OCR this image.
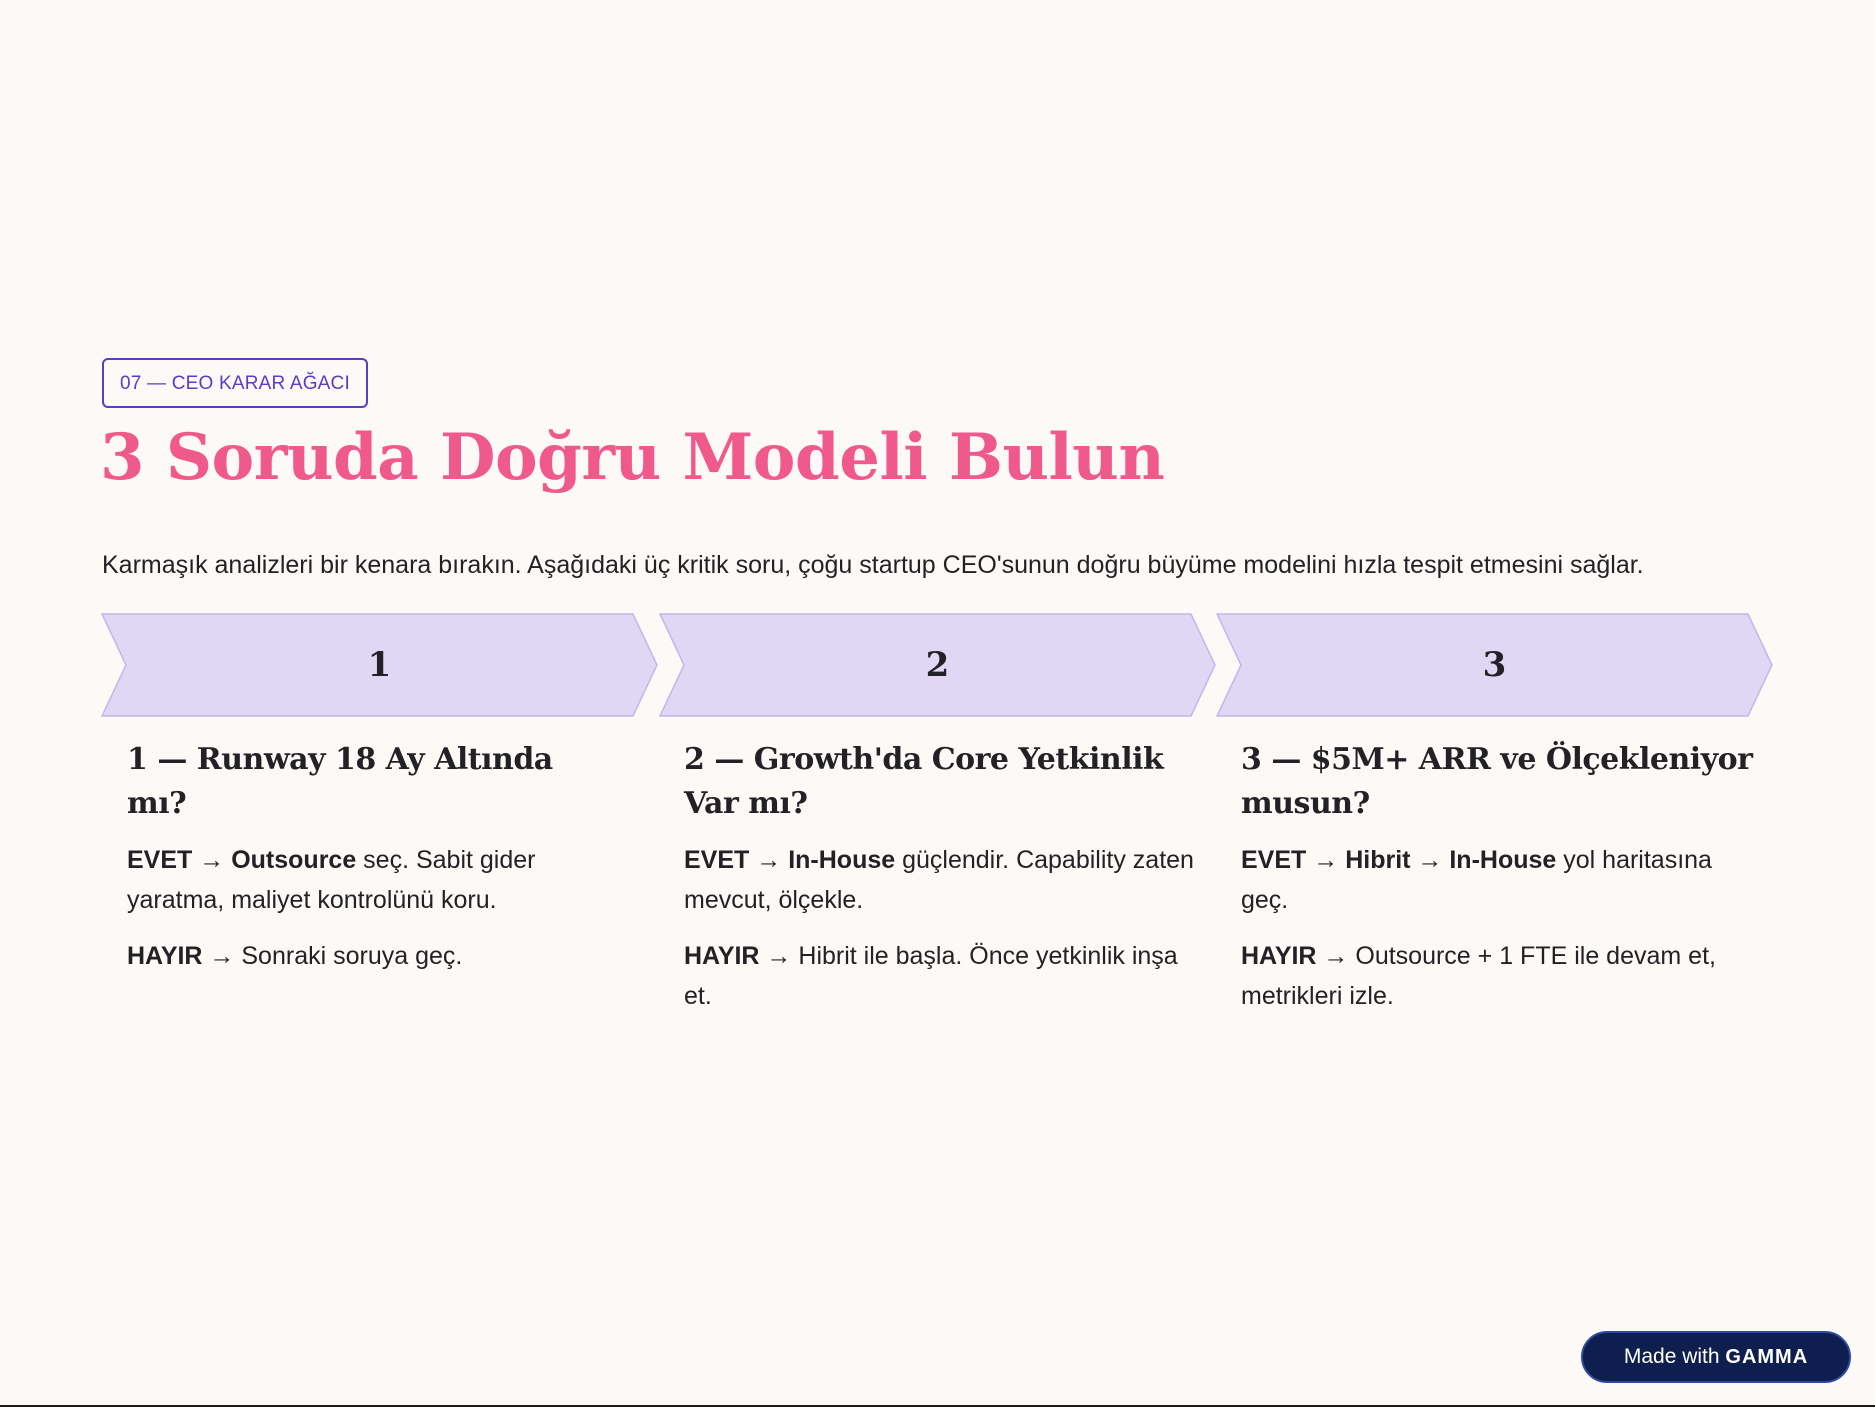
07 — CEO KARAR AĞACI
3 Soruda Doğru Modeli Bulun

Karmaşık analizleri bir kenara bırakın. Aşağıdaki üç kritik soru, çoğu startup CEO'sunun doğru büyüme modelini hızla tespit etmesini sağlar.

1	2	3
1 — Runway 18 Ay Altında mı?

EVET → Outsource seç. Sabit gider yaratma, maliyet kontrolünü koru.

HAYIR → Sonraki soruya geç.

2 — Growth'da Core Yetkinlik Var mı?

EVET → In-House güçlendir. Capability zaten mevcut, ölçekle.

HAYIR → Hibrit ile başla. Önce yetkinlik inşa et.

3 — $5M+ ARR ve Ölçekleniyor musun?

EVET → Hibrit → In-House yol haritasına geç.

HAYIR → Outsource + 1 FTE ile devam et, metrikleri izle.

Made with GAMMA
